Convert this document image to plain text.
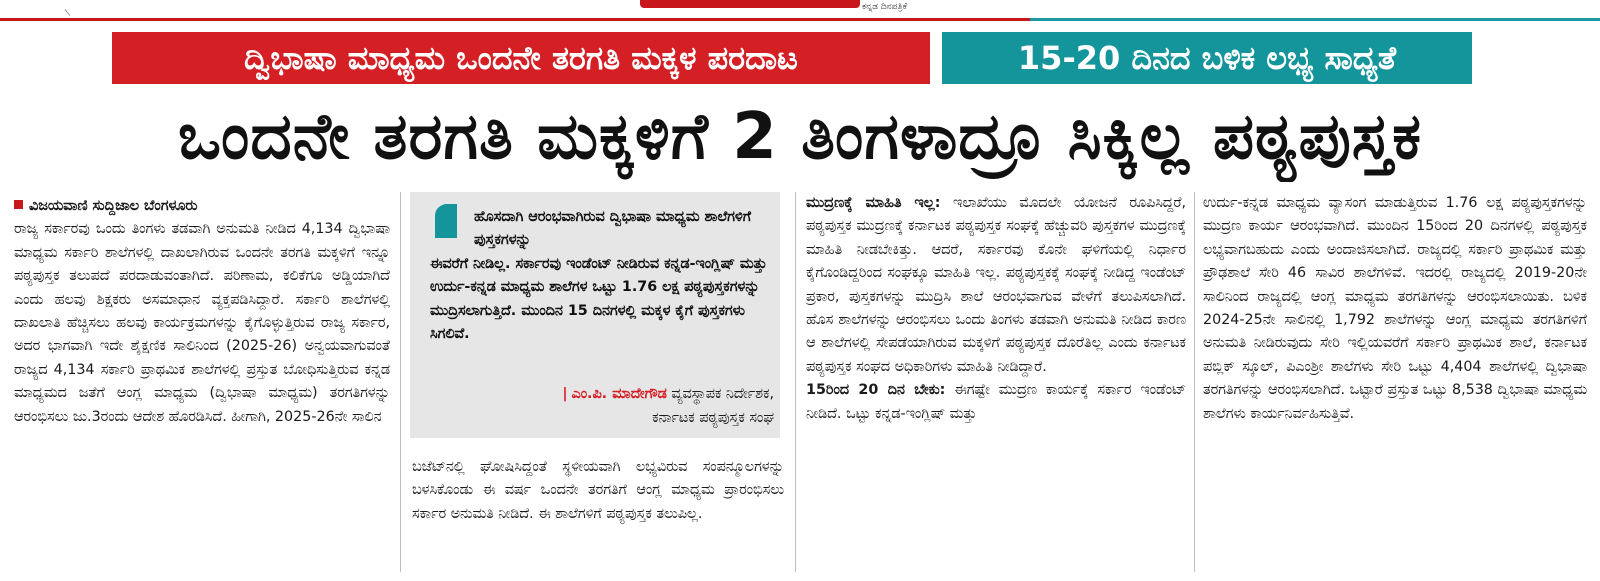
ಕನ್ನಡ ದಿನಪತ್ರಿಕೆ
ದ್ವಿಭಾಷಾ ಮಾಧ್ಯಮ ಒಂದನೇ ತರಗತಿ ಮಕ್ಕಳ ಪರದಾಟ	15-20 ದಿನದ ಬಳಿಕ ಲಭ್ಯ ಸಾಧ್ಯತೆ
ಒಂದನೇ ತರಗತಿ ಮಕ್ಕಳಿಗೆ 2 ತಿಂಗಳಾದ್ರೂ ಸಿಕ್ಕಿಲ್ಲ ಪಠ್ಯಪುಸ್ತಕ
ವಿಜಯವಾಣಿ ಸುದ್ದಿಜಾಲ ಬೆಂಗಳೂರು

ರಾಜ್ಯ ಸರ್ಕಾರವು ಒಂದು ತಿಂಗಳು ತಡವಾಗಿ ಅನುಮತಿ ನೀಡಿದ 4,134 ದ್ವಿಭಾಷಾ ಮಾಧ್ಯಮ ಸರ್ಕಾರಿ ಶಾಲೆಗಳಲ್ಲಿ ದಾಖಲಾಗಿರುವ ಒಂದನೇ ತರಗತಿ ಮಕ್ಕಳಿಗೆ ಇನ್ನೂ ಪಠ್ಯಪುಸ್ತಕ ತಲುಪದೆ ಪರದಾಡುವಂತಾಗಿದೆ. ಪರಿಣಾಮ, ಕಲಿಕೆಗೂ ಅಡ್ಡಿಯಾಗಿದೆ ಎಂದು ಹಲವು ಶಿಕ್ಷಕರು ಅಸಮಾಧಾನ ವ್ಯಕ್ತಪಡಿಸಿದ್ದಾರೆ. ಸರ್ಕಾರಿ ಶಾಲೆಗಳಲ್ಲಿ ದಾಖಲಾತಿ ಹೆಚ್ಚಿಸಲು ಹಲವು ಕಾರ್ಯಕ್ರಮಗಳನ್ನು ಕೈಗೊಳ್ಳುತ್ತಿರುವ ರಾಜ್ಯ ಸರ್ಕಾರ, ಅದರ ಭಾಗವಾಗಿ ಇದೇ ಶೈಕ್ಷಣಿಕ ಸಾಲಿನಿಂದ (2025-26) ಅನ್ವಯವಾಗುವಂತೆ ರಾಜ್ಯದ 4,134 ಸರ್ಕಾರಿ ಪ್ರಾಥಮಿಕ ಶಾಲೆಗಳಲ್ಲಿ ಪ್ರಸ್ತುತ ಬೋಧಿಸುತ್ತಿರುವ ಕನ್ನಡ ಮಾಧ್ಯಮದ ಜತೆಗೆ ಆಂಗ್ಲ ಮಾಧ್ಯಮ (ದ್ವಿಭಾಷಾ ಮಾಧ್ಯಮ) ತರಗತಿಗಳನ್ನು ಆರಂಭಿಸಲು ಜು.3ರಂದು ಆದೇಶ ಹೊರಡಿಸಿದೆ. ಹೀಗಾಗಿ, 2025-26ನೇ ಸಾಲಿನ

ಹೊಸದಾಗಿ ಆರಂಭವಾಗಿರುವ ದ್ವಿಭಾಷಾ ಮಾಧ್ಯಮ ಶಾಲೆಗಳಿಗೆ ಪುಸ್ತಕಗಳನ್ನು
ಈವರೆಗೆ ನೀಡಿಲ್ಲ. ಸರ್ಕಾರವು ಇಂಡೆಂಟ್ ನೀಡಿರುವ ಕನ್ನಡ-ಇಂಗ್ಲಿಷ್ ಮತ್ತು ಉರ್ದು-ಕನ್ನಡ ಮಾಧ್ಯಮ ಶಾಲೆಗಳ ಒಟ್ಟು 1.76 ಲಕ್ಷ ಪಠ್ಯಪುಸ್ತಕಗಳನ್ನು ಮುದ್ರಿಸಲಾಗುತ್ತಿದೆ. ಮುಂದಿನ 15 ದಿನಗಳಲ್ಲಿ ಮಕ್ಕಳ ಕೈಗೆ ಪುಸ್ತಕಗಳು ಸಿಗಲಿವೆ.
| ಎಂ.ಪಿ. ಮಾದೇಗೌಡ ವ್ಯವಸ್ಥಾಪಕ ನಿರ್ದೇಶಕ,
ಕರ್ನಾಟಕ ಪಠ್ಯಪುಸ್ತಕ ಸಂಘ

ಬಜೆಟ್‌ನಲ್ಲಿ ಘೋಷಿಸಿದ್ದಂತೆ ಸ್ಥಳೀಯವಾಗಿ ಲಭ್ಯವಿರುವ ಸಂಪನ್ಮೂಲಗಳನ್ನು ಬಳಸಿಕೊಂಡು ಈ ವರ್ಷ ಒಂದನೇ ತರಗತಿಗೆ ಆಂಗ್ಲ ಮಾಧ್ಯಮ ಪ್ರಾರಂಭಿಸಲು ಸರ್ಕಾರ ಅನುಮತಿ ನೀಡಿದೆ. ಈ ಶಾಲೆಗಳಿಗೆ ಪಠ್ಯಪುಸ್ತಕ ತಲುಪಿಲ್ಲ.

ಮುದ್ರಣಕ್ಕೆ ಮಾಹಿತಿ ಇಲ್ಲ: ಇಲಾಖೆಯು ಮೊದಲೇ ಯೋಜನೆ ರೂಪಿಸಿದ್ದರೆ, ಪಠ್ಯಪುಸ್ತಕ ಮುದ್ರಣಕ್ಕೆ ಕರ್ನಾಟಕ ಪಠ್ಯಪುಸ್ತಕ ಸಂಘಕ್ಕೆ ಹೆಚ್ಚುವರಿ ಪುಸ್ತಕಗಳ ಮುದ್ರಣಕ್ಕೆ ಮಾಹಿತಿ ನೀಡಬೇಕಿತ್ತು. ಆದರೆ, ಸರ್ಕಾರವು ಕೊನೇ ಘಳಿಗೆಯಲ್ಲಿ ನಿರ್ಧಾರ ಕೈಗೊಂಡಿದ್ದರಿಂದ ಸಂಘಕ್ಕೂ ಮಾಹಿತಿ ಇಲ್ಲ. ಪಠ್ಯಪುಸ್ತಕಕ್ಕೆ ಸಂಘಕ್ಕೆ ನೀಡಿದ್ದ ಇಂಡೆಂಟ್ ಪ್ರಕಾರ, ಪುಸ್ತಕಗಳನ್ನು ಮುದ್ರಿಸಿ ಶಾಲೆ ಆರಂಭವಾಗುವ ವೇಳೆಗೆ ತಲುಪಿಸಲಾಗಿದೆ. ಹೊಸ ಶಾಲೆಗಳನ್ನು ಆರಂಭಿಸಲು ಒಂದು ತಿಂಗಳು ತಡವಾಗಿ ಅನುಮತಿ ನೀಡಿದ ಕಾರಣ ಆ ಶಾಲೆಗಳಲ್ಲಿ ಸೇಪಡೆಯಾಗಿರುವ ಮಕ್ಕಳಿಗೆ ಪಠ್ಯಪುಸ್ತಕ ದೊರೆತಿಲ್ಲ ಎಂದು ಕರ್ನಾಟಕ ಪಠ್ಯಪುಸ್ತಕ ಸಂಘದ ಅಧಿಕಾರಿಗಳು ಮಾಹಿತಿ ನೀಡಿದ್ದಾರೆ.

15ರಿಂದ 20 ದಿನ ಬೇಕು: ಈಗಷ್ಟೇ ಮುದ್ರಣ ಕಾರ್ಯಕ್ಕೆ ಸರ್ಕಾರ ಇಂಡೆಂಟ್ ನೀಡಿದೆ. ಒಟ್ಟು ಕನ್ನಡ-ಇಂಗ್ಲಿಷ್ ಮತ್ತು

ಉರ್ದು-ಕನ್ನಡ ಮಾಧ್ಯಮ ವ್ಯಾಸಂಗ ಮಾಡುತ್ತಿರುವ 1.76 ಲಕ್ಷ ಪಠ್ಯಪುಸ್ತಕಗಳನ್ನು ಮುದ್ರಣ ಕಾರ್ಯ ಆರಂಭವಾಗಿದೆ. ಮುಂದಿನ 15ರಿಂದ 20 ದಿನಗಳಲ್ಲಿ ಪಠ್ಯಪುಸ್ತಕ ಲಭ್ಯವಾಗಬಹುದು ಎಂದು ಅಂದಾಜಿಸಲಾಗಿದೆ. ರಾಜ್ಯದಲ್ಲಿ ಸರ್ಕಾರಿ ಪ್ರಾಥಮಿಕ ಮತ್ತು ಪ್ರೌಢಶಾಲೆ ಸೇರಿ 46 ಸಾವಿರ ಶಾಲೆಗಳಿವೆ. ಇದರಲ್ಲಿ ರಾಜ್ಯದಲ್ಲಿ 2019-20ನೇ ಸಾಲಿನಿಂದ ರಾಜ್ಯದಲ್ಲಿ ಆಂಗ್ಲ ಮಾಧ್ಯಮ ತರಗತಿಗಳನ್ನು ಆರಂಭಿಸಲಾಯಿತು. ಬಳಿಕ 2024-25ನೇ ಸಾಲಿನಲ್ಲಿ 1,792 ಶಾಲೆಗಳನ್ನು ಆಂಗ್ಲ ಮಾಧ್ಯಮ ತರಗತಿಗಳಿಗೆ ಅನುಮತಿ ನೀಡಿರುವುದು ಸೇರಿ ಇಲ್ಲಿಯವರೆಗೆ ಸರ್ಕಾರಿ ಪ್ರಾಥಮಿಕ ಶಾಲೆ, ಕರ್ನಾಟಕ ಪಬ್ಲಿಕ್ ಸ್ಕೂಲ್, ಪಿಎಂಶ್ರೀ ಶಾಲೆಗಳು ಸೇರಿ ಒಟ್ಟು 4,404 ಶಾಲೆಗಳಲ್ಲಿ ದ್ವಿಭಾಷಾ ತರಗತಿಗಳನ್ನು ಆರಂಭಿಸಲಾಗಿದೆ. ಒಟ್ಟಾರೆ ಪ್ರಸ್ತುತ ಒಟ್ಟು 8,538 ದ್ವಿಭಾಷಾ ಮಾಧ್ಯಮ ಶಾಲೆಗಳು ಕಾರ್ಯನಿರ್ವಹಿಸುತ್ತಿವೆ.
